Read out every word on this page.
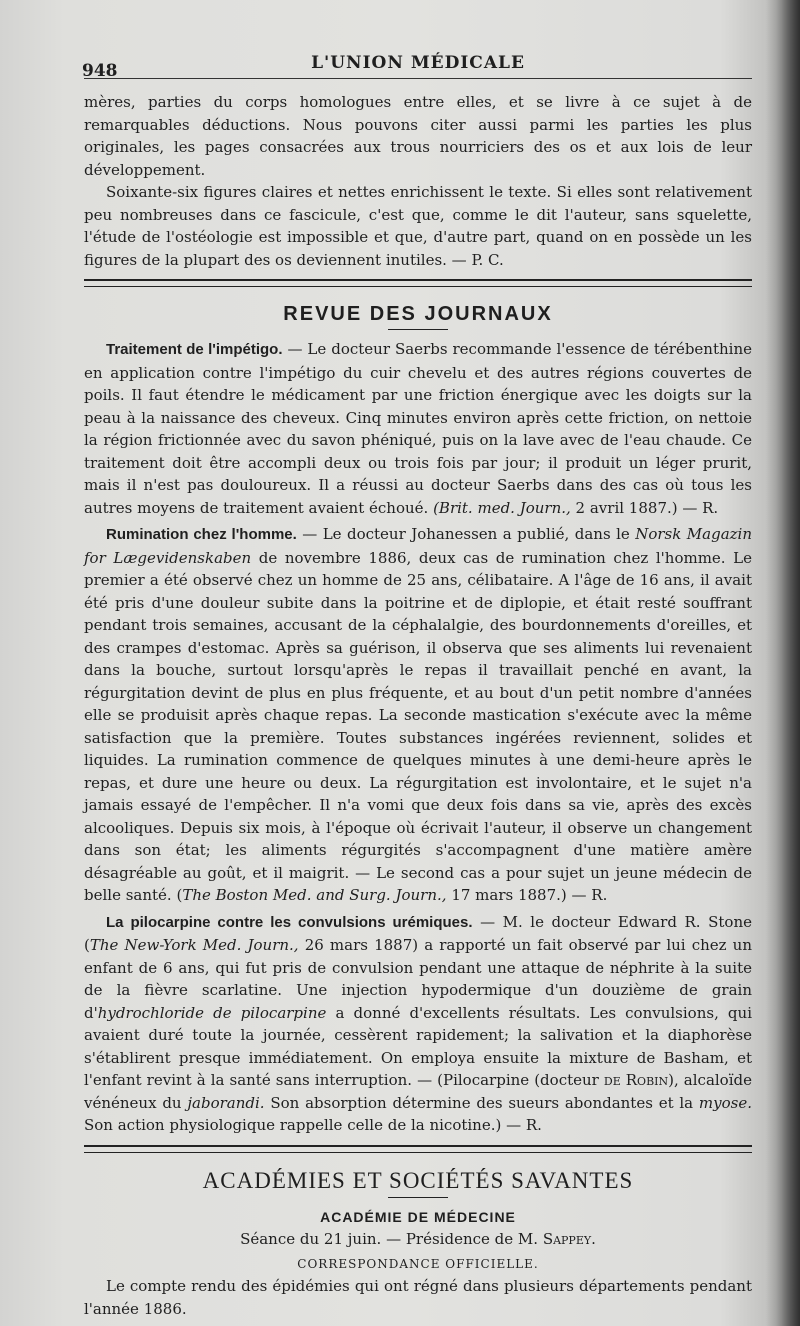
948	L'UNION MÉDICALE

mères, parties du corps homologues entre elles, et se livre à ce sujet à de remarquables déductions. Nous pouvons citer aussi parmi les parties les plus originales, les pages consacrées aux trous nourriciers des os et aux lois de leur développement.

Soixante-six figures claires et nettes enrichissent le texte. Si elles sont relativement peu nombreuses dans ce fascicule, c'est que, comme le dit l'auteur, sans squelette, l'étude de l'ostéologie est impossible et que, d'autre part, quand on en possède un les figures de la plupart des os deviennent inutiles. — P. C.

REVUE DES JOURNAUX

Traitement de l'impétigo. — Le docteur Saerbs recommande l'essence de térébenthine en application contre l'impétigo du cuir chevelu et des autres régions couvertes de poils. Il faut étendre le médicament par une friction énergique avec les doigts sur la peau à la naissance des cheveux. Cinq minutes environ après cette friction, on nettoie la région frictionnée avec du savon phéniqué, puis on la lave avec de l'eau chaude. Ce traitement doit être accompli deux ou trois fois par jour; il produit un léger prurit, mais il n'est pas douloureux. Il a réussi au docteur Saerbs dans des cas où tous les autres moyens de traitement avaient échoué. (Brit. med. Journ., 2 avril 1887.) — R.

Rumination chez l'homme. — Le docteur Johanessen a publié, dans le Norsk Magazin for Lægevidenskaben de novembre 1886, deux cas de rumination chez l'homme. Le premier a été observé chez un homme de 25 ans, célibataire. A l'âge de 16 ans, il avait été pris d'une douleur subite dans la poitrine et de diplopie, et était resté souffrant pendant trois semaines, accusant de la céphalalgie, des bourdonnements d'oreilles, et des crampes d'estomac. Après sa guérison, il observa que ses aliments lui revenaient dans la bouche, surtout lorsqu'après le repas il travaillait penché en avant, la régurgitation devint de plus en plus fréquente, et au bout d'un petit nombre d'années elle se produisit après chaque repas. La seconde mastication s'exécute avec la même satisfaction que la première. Toutes substances ingérées reviennent, solides et liquides. La rumination commence de quelques minutes à une demi-heure après le repas, et dure une heure ou deux. La régurgitation est involontaire, et le sujet n'a jamais essayé de l'empêcher. Il n'a vomi que deux fois dans sa vie, après des excès alcooliques. Depuis six mois, à l'époque où écrivait l'auteur, il observe un changement dans son état; les aliments régurgités s'accompagnent d'une matière amère désagréable au goût, et il maigrit. — Le second cas a pour sujet un jeune médecin de belle santé. (The Boston Med. and Surg. Journ., 17 mars 1887.) — R.

La pilocarpine contre les convulsions urémiques. — M. le docteur Edward R. Stone (The New-York Med. Journ., 26 mars 1887) a rapporté un fait observé par lui chez un enfant de 6 ans, qui fut pris de convulsion pendant une attaque de néphrite à la suite de la fièvre scarlatine. Une injection hypodermique d'un douzième de grain d'hydrochloride de pilocarpine a donné d'excellents résultats. Les convulsions, qui avaient duré toute la journée, cessèrent rapidement; la salivation et la diaphorèse s'établirent presque immédiatement. On employa ensuite la mixture de Basham, et l'enfant revint à la santé sans interruption. — (Pilocarpine (docteur de Robin), alcaloïde vénéneux du jaborandi. Son absorption détermine des sueurs abondantes et la myose. Son action physiologique rappelle celle de la nicotine.) — R.

ACADÉMIES ET SOCIÉTÉS SAVANTES
ACADÉMIE DE MÉDECINE

Séance du 21 juin. — Présidence de M. Sappey.

CORRESPONDANCE OFFICIELLE.

Le compte rendu des épidémies qui ont régné dans plusieurs départements pendant l'année 1886.
